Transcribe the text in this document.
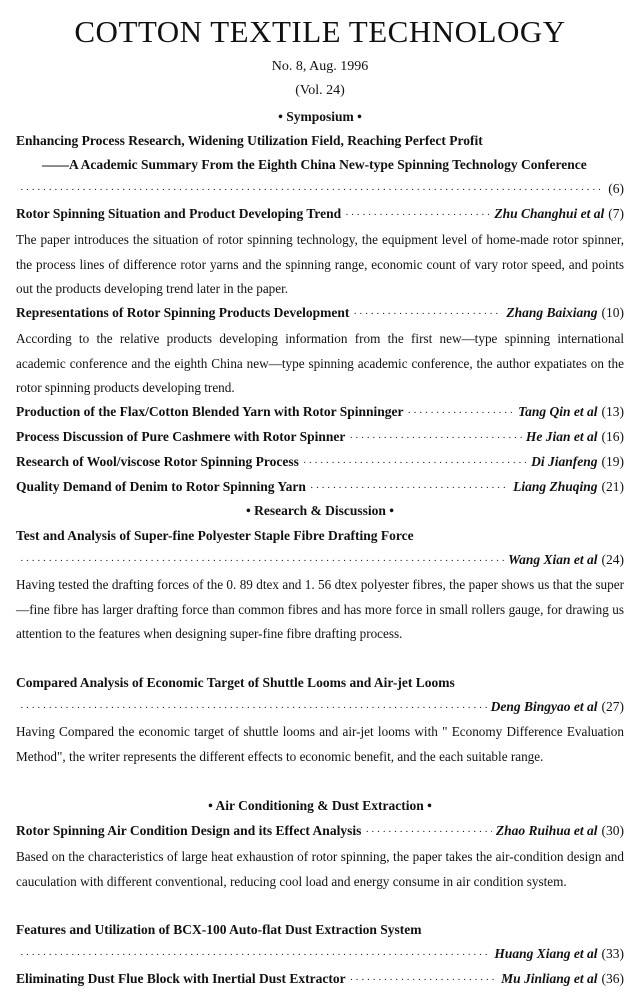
COTTON TEXTILE TECHNOLOGY
No. 8, Aug. 1996
(Vol. 24)
• Symposium •
Enhancing Process Research, Widening Utilization Field, Reaching Perfect Profit
——A Academic Summary From the Eighth China New-type Spinning Technology Conference
·····
(6)
Rotor Spinning Situation and Product Developing Trend ·····	Zhu Changhui et al (7)
The paper introduces the situation of rotor spinning technology, the equipment level of home-made rotor spinner, the process lines of difference rotor yarns and the spinning range, economic count of vary rotor speed, and points out the products developing trend later in the paper.
Representations of Rotor Spinning Products Development ·····	Zhang Baixiang (10)
According to the relative products developing information from the first new—type spinning international academic conference and the eighth China new—type spinning academic conference, the author expatiates on the rotor spinning products developing trend.
Production of the Flax/Cotton Blended Yarn with Rotor Spinninger ·····	Tang Qin et al (13)
Process Discussion of Pure Cashmere with Rotor Spinner ·····	He Jian et al (16)
Research of Wool/viscose Rotor Spinning Process ·····	Di Jianfeng (19)
Quality Demand of Denim to Rotor Spinning Yarn ·····	Liang Zhuqing (21)
• Research & Discussion •
Test and Analysis of Super-fine Polyester Staple Fibre Drafting Force
·····
Wang Xian et al (24)
Having tested the drafting forces of the 0. 89 dtex and 1. 56 dtex polyester fibres, the paper shows us that the super—fine fibre has larger drafting force than common fibres and has more force in small rollers gauge, for drawing us attention to the features when designing super-fine fibre drafting process.
Compared Analysis of Economic Target of Shuttle Looms and Air-jet Looms
·····
Deng Bingyao et al (27)
Having Compared the economic target of shuttle looms and air-jet looms with " Economy Difference Evaluation Method", the writer represents the different effects to economic benefit, and the each suitable range.
• Air Conditioning & Dust Extraction •
Rotor Spinning Air Condition Design and its Effect Analysis ·····	Zhao Ruihua et al (30)
Based on the characteristics of large heat exhaustion of rotor spinning, the paper takes the air-condition design and cauculation with different conventional, reducing cool load and energy consume in air condition system.
Features and Utilization of BCX-100 Auto-flat Dust Extraction System
·····
Huang Xiang et al (33)
Eliminating Dust Flue Block with Inertial Dust Extractor ·····	Mu Jinliang et al (36)
